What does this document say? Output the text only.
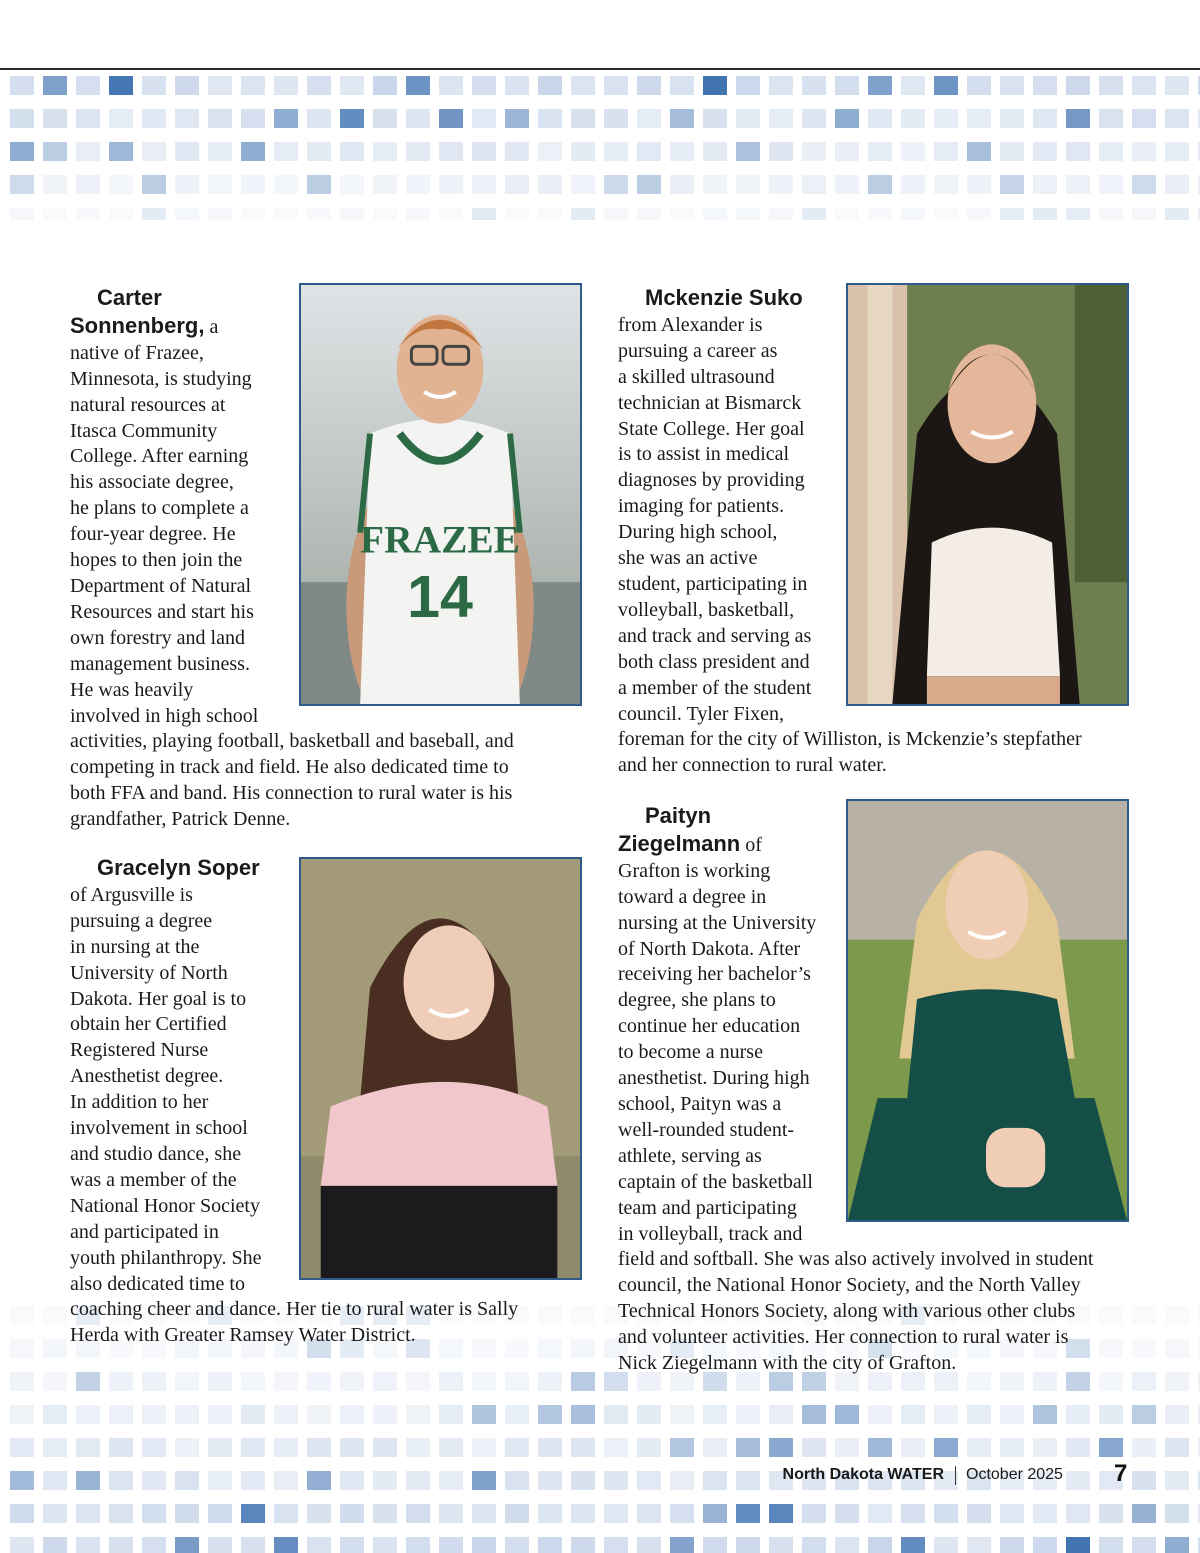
FRAZEE
14
Carter
Sonnenberg, a
native of Frazee,
Minnesota, is studying
natural resources at
Itasca Community
College. After earning
his associate degree,
he plans to complete a
four-year degree. He
hopes to then join the
Department of Natural
Resources and start his
own forestry and land
management business.
He was heavily
involved in high school
activities, playing football, basketball and baseball, and
competing in track and field. He also dedicated time to
both FFA and band. His connection to rural water is his
grandfather, Patrick Denne.
Mckenzie Suko
from Alexander is
pursuing a career as
a skilled ultrasound
technician at Bismarck
State College. Her goal
is to assist in medical
diagnoses by providing
imaging for patients.
During high school,
she was an active
student, participating in
volleyball, basketball,
and track and serving as
both class president and
a member of the student
council. Tyler Fixen,
foreman for the city of Williston, is Mckenzie’s stepfather
and her connection to rural water.
Gracelyn Soper
of Argusville is
pursuing a degree
in nursing at the
University of North
Dakota. Her goal is to
obtain her Certified
Registered Nurse
Anesthetist degree.
In addition to her
involvement in school
and studio dance, she
was a member of the
National Honor Society
and participated in
youth philanthropy. She
also dedicated time to
coaching cheer and dance. Her tie to rural water is Sally
Herda with Greater Ramsey Water District.
Paityn
Ziegelmann of
Grafton is working
toward a degree in
nursing at the University
of North Dakota. After
receiving her bachelor’s
degree, she plans to
continue her education
to become a nurse
anesthetist. During high
school, Paityn was a
well-rounded student-
athlete, serving as
captain of the basketball
team and participating
in volleyball, track and
field and softball. She was also actively involved in student
council, the National Honor Society, and the North Valley
Technical Honors Society, along with various other clubs
and volunteer activities. Her connection to rural water is
Nick Ziegelmann with the city of Grafton.
North Dakota WATER October 2025 7
